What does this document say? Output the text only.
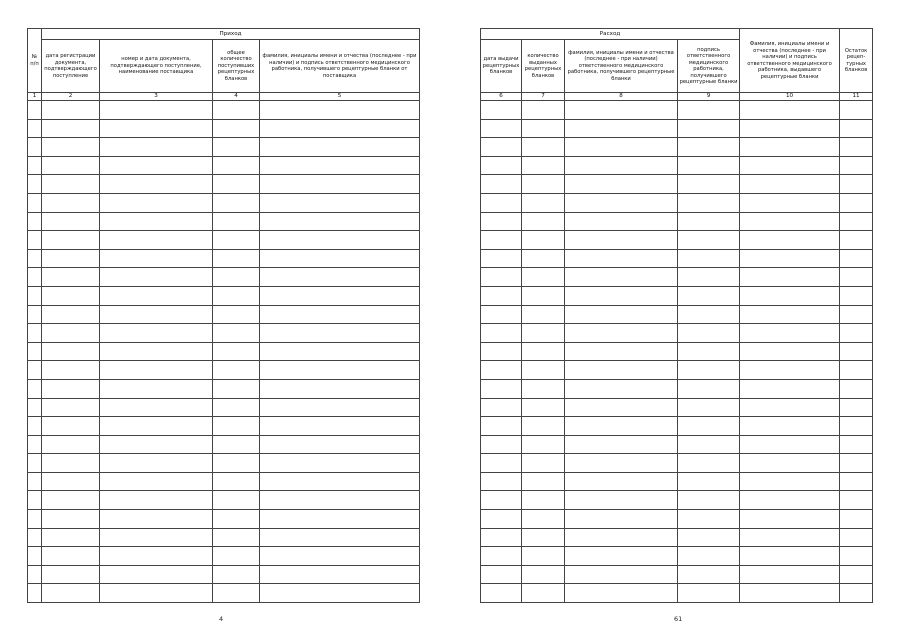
№ п/п	Приход			
	дата регистрации документа, подтверждающего поступление	номер и дата документа, подтверждающего поступление, наименование поставщика	общее количество поступивших рецептурных бланков	фамилия, инициалы имени и отчества (последнее - при наличии) и подпись ответственного медицинского работника, получившего рецептурные бланки от поставщика
1	2	3	4	5

4
Расход				Фамилия, инициалы имени и отчества (последнее - при наличии) и подпись ответственного медицинского работника, выдавшего рецептурные бланки	Остаток рецеп-турных бланков
дата выдачи рецептурных бланков	количество выданных рецептурных бланков	фамилия, инициалы имени и отчества (последнее - при наличии) ответственного медицинского работника, получившего рецептурные бланки	подпись ответственного медицинского работника, получившего рецептурные бланки		
6	7	8	9	10	11

61
